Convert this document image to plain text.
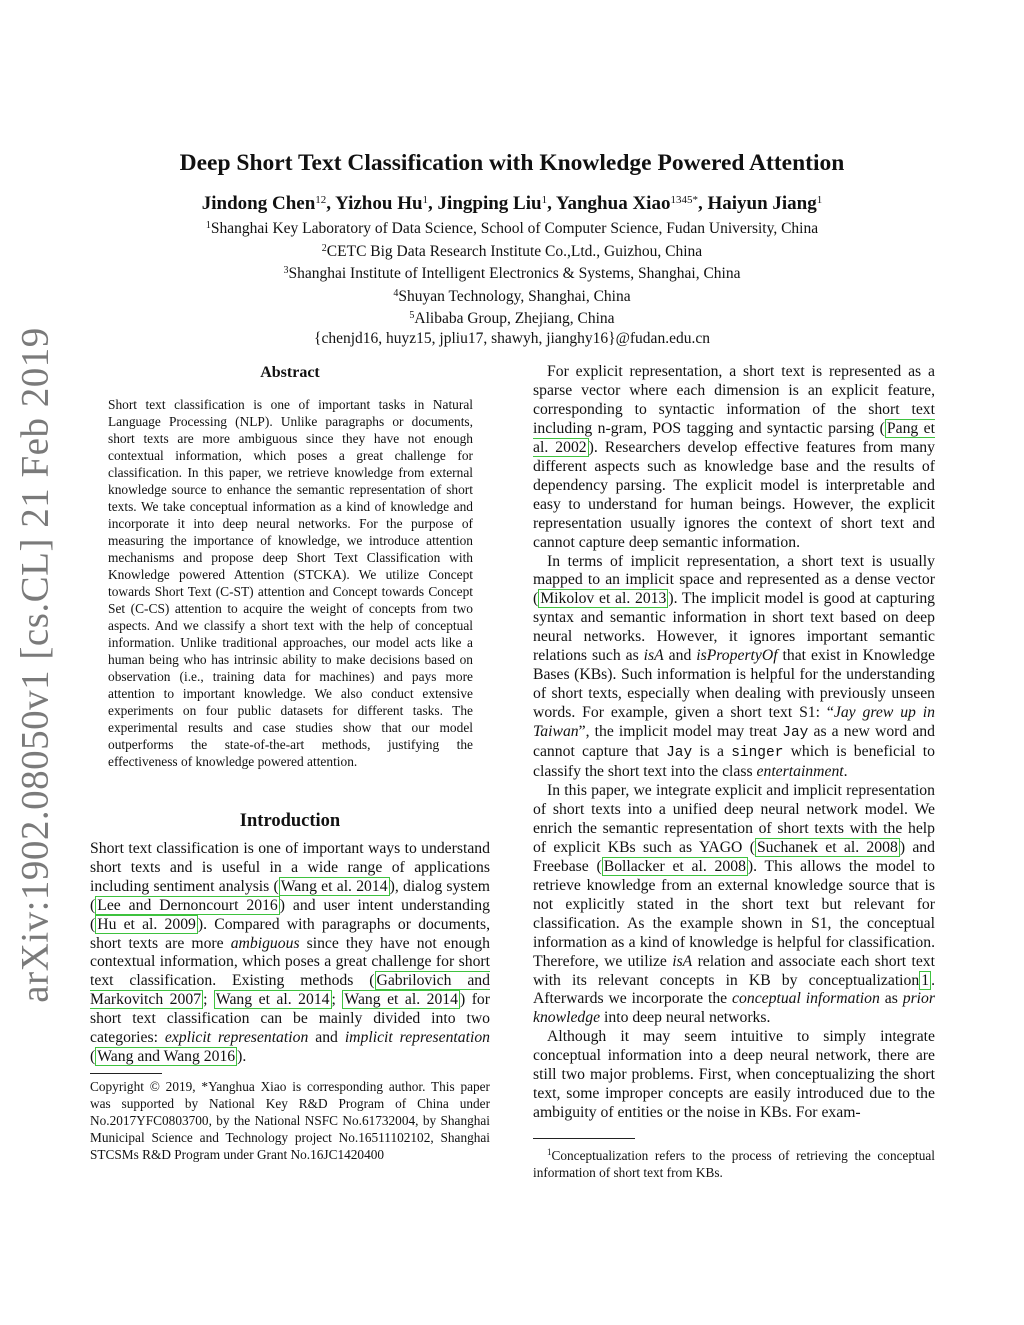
arXiv:1902.08050v1 [cs.CL] 21 Feb 2019
Deep Short Text Classification with Knowledge Powered Attention
Jindong Chen$^{12}$, Yizhou Hu$^1$, Jingping Liu$^1$, Yanghua Xiao$^{1345*}$, Haiyun Jiang$^1$
$^1$Shanghai Key Laboratory of Data Science, School of Computer Science, Fudan University, China
$^2$CETC Big Data Research Institute Co.,Ltd., Guizhou, China
$^3$Shanghai Institute of Intelligent Electronics & Systems, Shanghai, China
$^4$Shuyan Technology, Shanghai, China
$^5$Alibaba Group, Zhejiang, China
{chenjd16, huyz15, jpliu17, shawyh, jianghy16}@fudan.edu.cn
Abstract
Short text classification is one of important tasks in Natural Language Processing (NLP). Unlike paragraphs or documents, short texts are more ambiguous since they have not enough contextual information, which poses a great challenge for classification. In this paper, we retrieve knowledge from external knowledge source to enhance the semantic representation of short texts. We take conceptual information as a kind of knowledge and incorporate it into deep neural networks. For the purpose of measuring the importance of knowledge, we introduce attention mechanisms and propose deep Short Text Classification with Knowledge powered Attention (STCKA). We utilize Concept towards Short Text (C-ST) attention and Concept towards Concept Set (C-CS) attention to acquire the weight of concepts from two aspects. And we classify a short text with the help of conceptual information. Unlike traditional approaches, our model acts like a human being who has intrinsic ability to make decisions based on observation (i.e., training data for machines) and pays more attention to important knowledge. We also conduct extensive experiments on four public datasets for different tasks. The experimental results and case studies show that our model outperforms the state-of-the-art methods, justifying the effectiveness of knowledge powered attention.
Introduction
Short text classification is one of important ways to understand short texts and is useful in a wide range of applications including sentiment analysis ( Wang et al. 2014 ), dialog system ( Lee and Dernoncourt 2016 ) and user intent understanding ( Hu et al. 2009 ). Compared with paragraphs or documents, short texts are more ambiguous since they have not enough contextual information, which poses a great challenge for short text classification. Existing methods ( Gabrilovich and Markovitch 2007 ; Wang et al. 2014 ; Wang et al. 2014 ) for short text classification can be mainly divided into two categories: explicit representation and implicit representation ( Wang and Wang 2016 ).
Copyright © 2019, *Yanghua Xiao is corresponding author. This paper was supported by National Key R&D Program of China under No.2017YFC0803700, by the National NSFC No.61732004, by Shanghai Municipal Science and Technology project No.16511102102, Shanghai STCSMs R&D Program under Grant No.16JC1420400

For explicit representation, a short text is represented as a sparse vector where each dimension is an explicit feature, corresponding to syntactic information of the short text including n-gram, POS tagging and syntactic parsing ( Pang et al. 2002 ). Researchers develop effective features from many different aspects such as knowledge base and the results of dependency parsing. The explicit model is interpretable and easy to understand for human beings. However, the explicit representation usually ignores the context of short text and cannot capture deep semantic information.

In terms of implicit representation, a short text is usually mapped to an implicit space and represented as a dense vector ( Mikolov et al. 2013 ). The implicit model is good at capturing syntax and semantic information in short text based on deep neural networks. However, it ignores important semantic relations such as isA and isPropertyOf that exist in Knowledge Bases (KBs). Such information is helpful for the understanding of short texts, especially when dealing with previously unseen words. For example, given a short text S1: “Jay grew up in Taiwan”, the implicit model may treat Jay as a new word and cannot capture that Jay is a singer which is beneficial to classify the short text into the class entertainment.

In this paper, we integrate explicit and implicit representation of short texts into a unified deep neural network model. We enrich the semantic representation of short texts with the help of explicit KBs such as YAGO ( Suchanek et al. 2008 ) and Freebase ( Bollacker et al. 2008 ). This allows the model to retrieve knowledge from an external knowledge source that is not explicitly stated in the short text but relevant for classification. As the example shown in S1, the conceptual information as a kind of knowledge is helpful for classification. Therefore, we utilize isA relation and associate each short text with its relevant concepts in KB by conceptualization 1 . Afterwards we incorporate the conceptual information as prior knowledge into deep neural networks.

Although it may seem intuitive to simply integrate conceptual information into a deep neural network, there are still two major problems. First, when conceptualizing the short text, some improper concepts are easily introduced due to the ambiguity of entities or the noise in KBs. For exam-

$^1$Conceptualization refers to the process of retrieving the conceptual information of short text from KBs.
